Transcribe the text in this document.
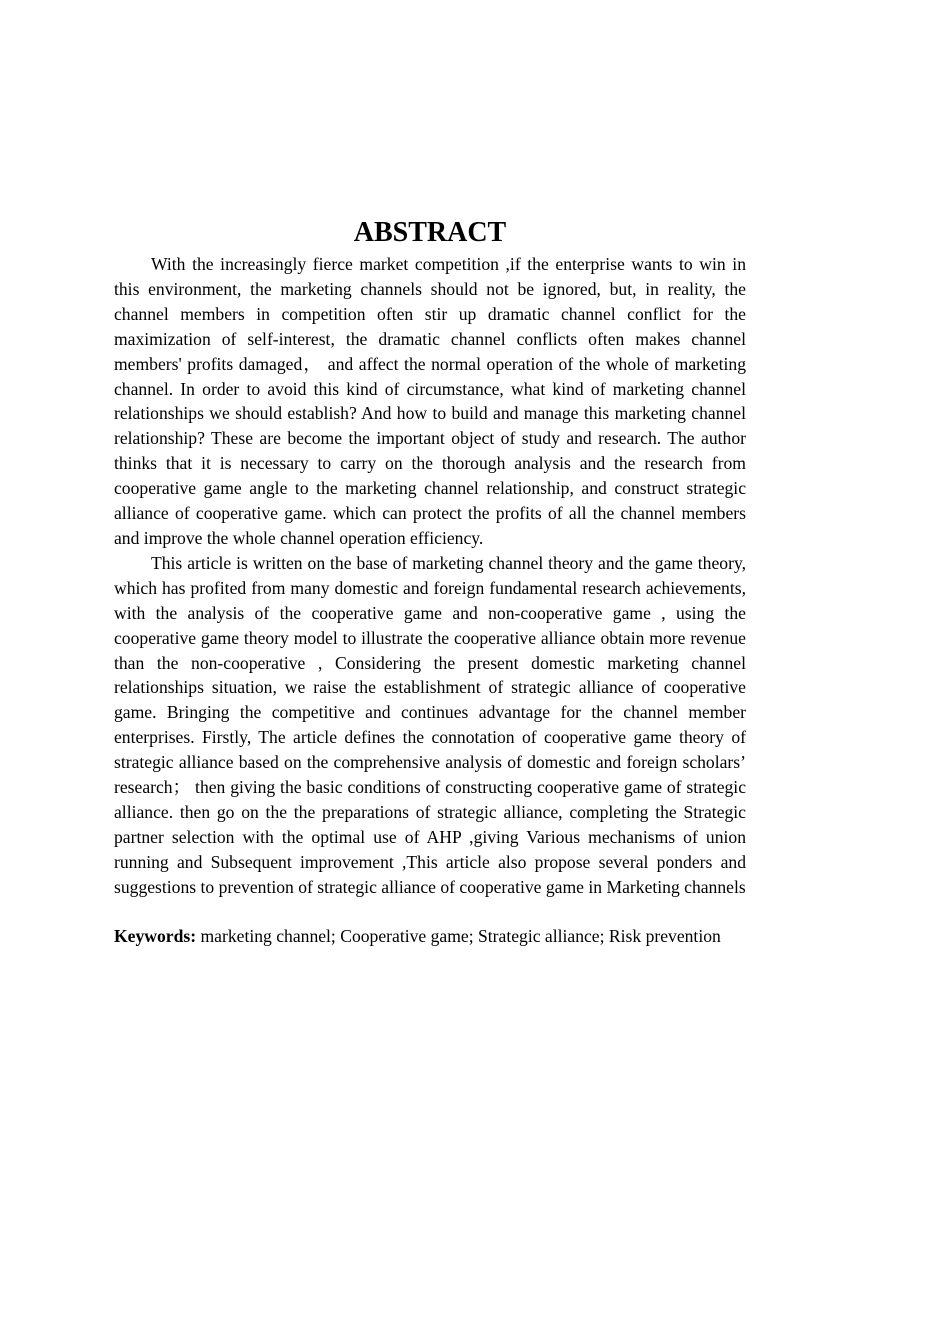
ABSTRACT

With the increasingly fierce market competition ,if the enterprise wants to win in this environment, the marketing channels should not be ignored, but, in reality, the channel members in competition often stir up dramatic channel conflict for the maximization of self-interest, the dramatic channel conflicts often makes channel members' profits damaged， and affect the normal operation of the whole of marketing channel. In order to avoid this kind of circumstance, what kind of marketing channel relationships we should establish? And how to build and manage this marketing channel relationship? These are become the important object of study and research. The author thinks that it is necessary to carry on the thorough analysis and the research from cooperative game angle to the marketing channel relationship, and construct strategic alliance of cooperative game. which can protect the profits of all the channel members and improve the whole channel operation efficiency.

This article is written on the base of marketing channel theory and the game theory, which has profited from many domestic and foreign fundamental research achievements, with the analysis of the cooperative game and non-cooperative game , using the cooperative game theory model to illustrate the cooperative alliance obtain more revenue than the non-cooperative , Considering the present domestic marketing channel relationships situation, we raise the establishment of strategic alliance of cooperative game. Bringing the competitive and continues advantage for the channel member enterprises. Firstly, The article defines the connotation of cooperative game theory of strategic alliance based on the comprehensive analysis of domestic and foreign scholars’ research； then giving the basic conditions of constructing cooperative game of strategic alliance. then go on the the preparations of strategic alliance, completing the Strategic partner selection with the optimal use of AHP ,giving Various mechanisms of union running and Subsequent improvement ,This article also propose several ponders and suggestions to prevention of strategic alliance of cooperative game in Marketing channels

Keywords: marketing channel; Cooperative game; Strategic alliance; Risk prevention
